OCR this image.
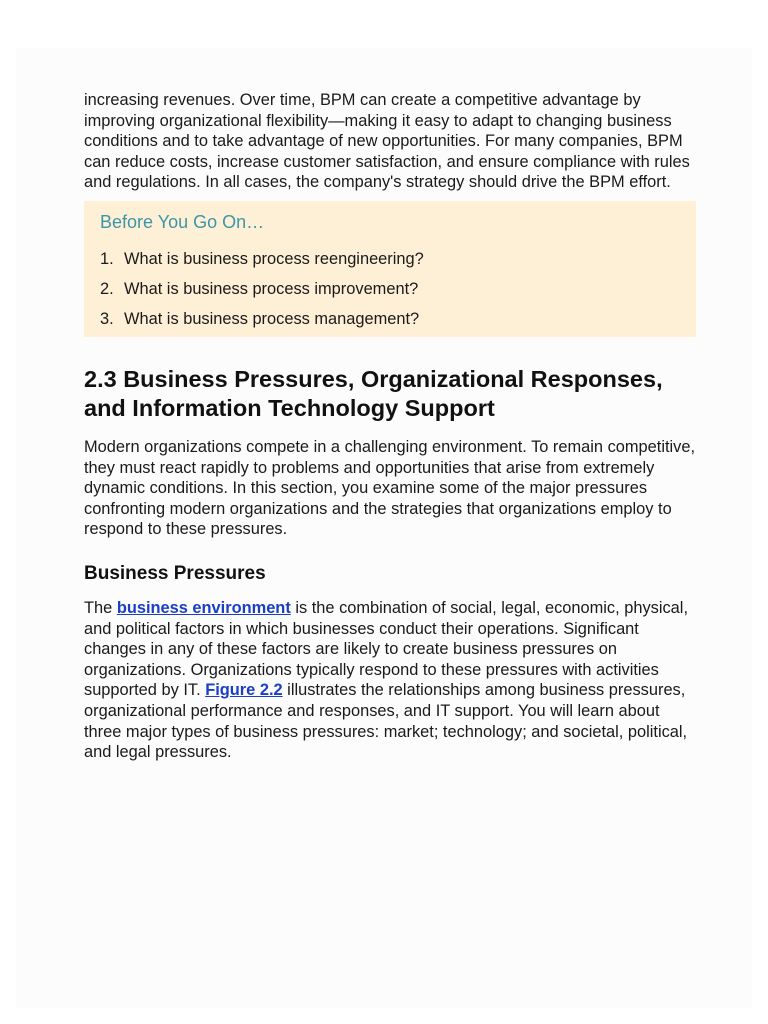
increasing revenues. Over time, BPM can create a competitive advantage by improving organizational flexibility—making it easy to adapt to changing business conditions and to take advantage of new opportunities. For many companies, BPM can reduce costs, increase customer satisfaction, and ensure compliance with rules and regulations. In all cases, the company's strategy should drive the BPM effort.

Before You Go On…
1. What is business process reengineering?
2. What is business process improvement?
3. What is business process management?
2.3 Business Pressures, Organizational Responses, and Information Technology Support

Modern organizations compete in a challenging environment. To remain competitive, they must react rapidly to problems and opportunities that arise from extremely dynamic conditions. In this section, you examine some of the major pressures confronting modern organizations and the strategies that organizations employ to respond to these pressures.

Business Pressures

The business environment is the combination of social, legal, economic, physical, and political factors in which businesses conduct their operations. Significant changes in any of these factors are likely to create business pressures on organizations. Organizations typically respond to these pressures with activities supported by IT. Figure 2.2 illustrates the relationships among business pressures, organizational performance and responses, and IT support. You will learn about three major types of business pressures: market; technology; and societal, political, and legal pressures.
